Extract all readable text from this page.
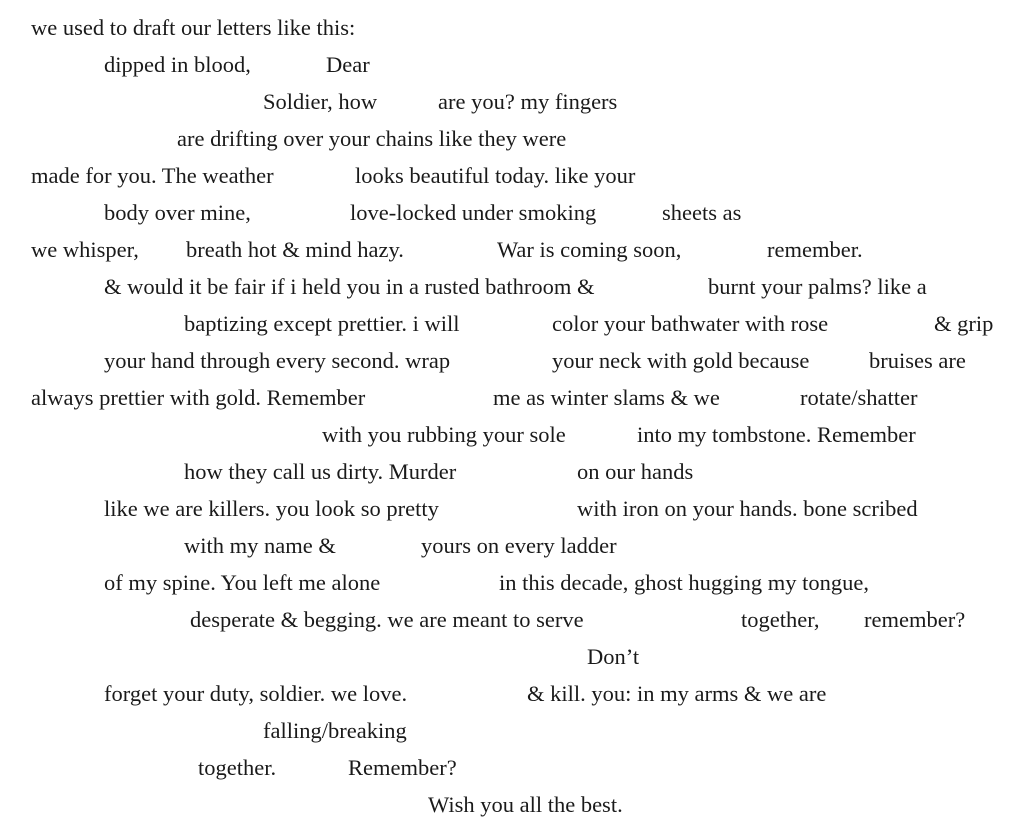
we used to draft our letters like this:
dipped in blood,	Dear
Soldier, how	are you? my fingers
are drifting over your chains like they were
made for you. The weather	looks beautiful today. like your
body over mine,	love-locked under smoking	sheets as
we whisper, breath hot & mind hazy.	War is coming soon,	remember.
& would it be fair if i held you in a rusted bathroom &	burnt your palms? like a
baptizing except prettier. i will	color your bathwater with rose	& grip
your hand through every second. wrap	your neck with gold because	bruises are
always prettier with gold. Remember	me as winter slams & we	rotate/shatter
with you rubbing your sole	into my tombstone. Remember
how they call us dirty. Murder	on our hands
like we are killers. you look so pretty	with iron on your hands. bone scribed
with my name &	yours on every ladder
of my spine. You left me alone	in this decade, ghost hugging my tongue,
desperate & begging. we are meant to serve	together, remember?
Don’t
forget your duty, soldier. we love.	& kill. you: in my arms & we are
falling/breaking
together.	Remember?
Wish you all the best.
